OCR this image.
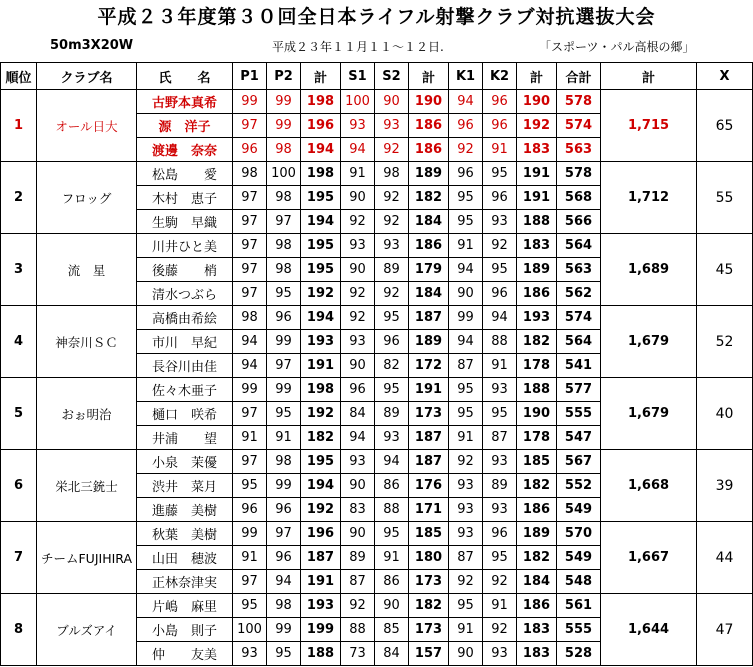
平成２３年度第３０回全日本ライフル射撃クラブ対抗選抜大会
50m3X20W	平成２３年１１月１１～１２日.	「スポーツ・パル高根の郷」
順位	クラブ名	氏　　名	P1	P2	計	S1	S2	計	K1	K2	計	合計	計	X
1	オール日大	古野本真希	99	99	198	100	90	190	94	96	190	578	1,715	65
		源　洋子	97	99	196	93	93	186	96	96	192	574		
		渡邊　奈奈	96	98	194	94	92	186	92	91	183	563		
2	フロッグ	松島　　愛	98	100	198	91	98	189	96	95	191	578	1,712	55
		木村　恵子	97	98	195	90	92	182	95	96	191	568		
		生駒　早織	97	97	194	92	92	184	95	93	188	566		
3	流　星	川井ひと美	97	98	195	93	93	186	91	92	183	564	1,689	45
		後藤　　梢	97	98	195	90	89	179	94	95	189	563		
		清水つぶら	97	95	192	92	92	184	90	96	186	562		
4	神奈川ＳＣ	高橋由希絵	98	96	194	92	95	187	99	94	193	574	1,679	52
		市川　早紀	94	99	193	93	96	189	94	88	182	564		
		長谷川由佳	94	97	191	90	82	172	87	91	178	541		
5	おぉ明治	佐々木亜子	99	99	198	96	95	191	95	93	188	577	1,679	40
		樋口　咲希	97	95	192	84	89	173	95	95	190	555		
		井浦　　望	91	91	182	94	93	187	91	87	178	547		
6	栄北三銃士	小泉　茉優	97	98	195	93	94	187	92	93	185	567	1,668	39
		渋井　菜月	95	99	194	90	86	176	93	89	182	552		
		進藤　美樹	96	96	192	83	88	171	93	93	186	549		
7	チームFUJIHIRA	秋葉　美樹	99	97	196	90	95	185	93	96	189	570	1,667	44
		山田　穂波	91	96	187	89	91	180	87	95	182	549		
		正林奈津実	97	94	191	87	86	173	92	92	184	548		
8	ブルズアイ	片嶋　麻里	95	98	193	92	90	182	95	91	186	561	1,644	47
		小島　則子	100	99	199	88	85	173	91	92	183	555		
		仲　　友美	93	95	188	73	84	157	90	93	183	528		
